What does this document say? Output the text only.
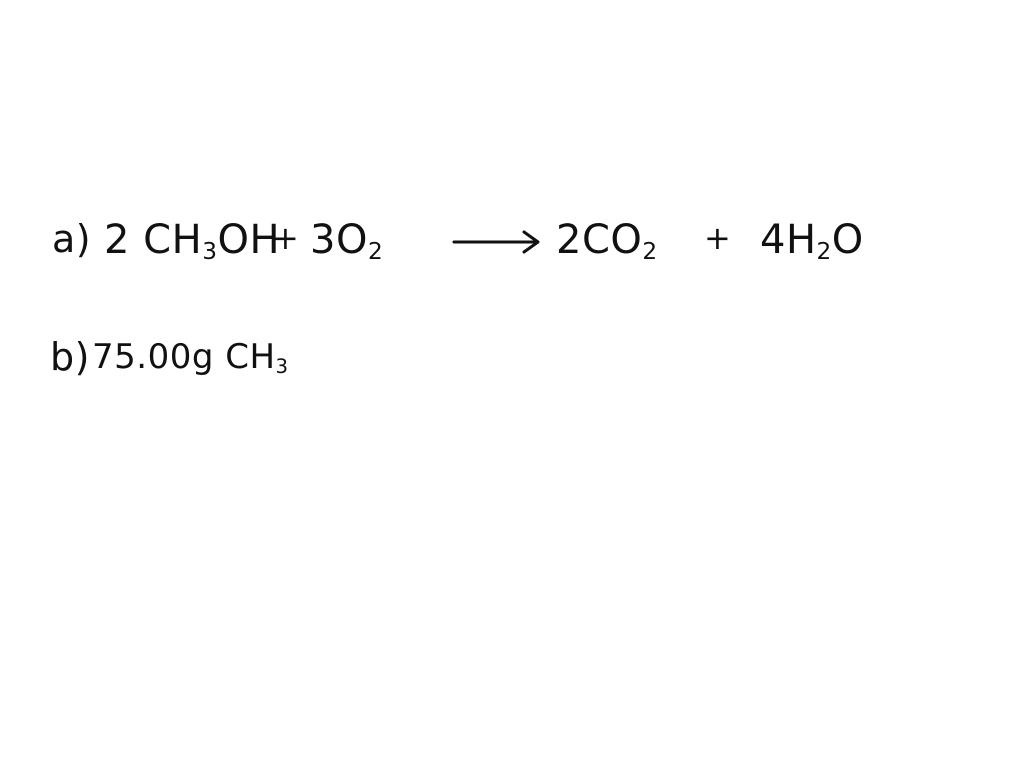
a) 2 $CH_3OH$
+ $3O_2$	$2CO_2 + 4H_2O$
b) 75.00g $CH_3$
